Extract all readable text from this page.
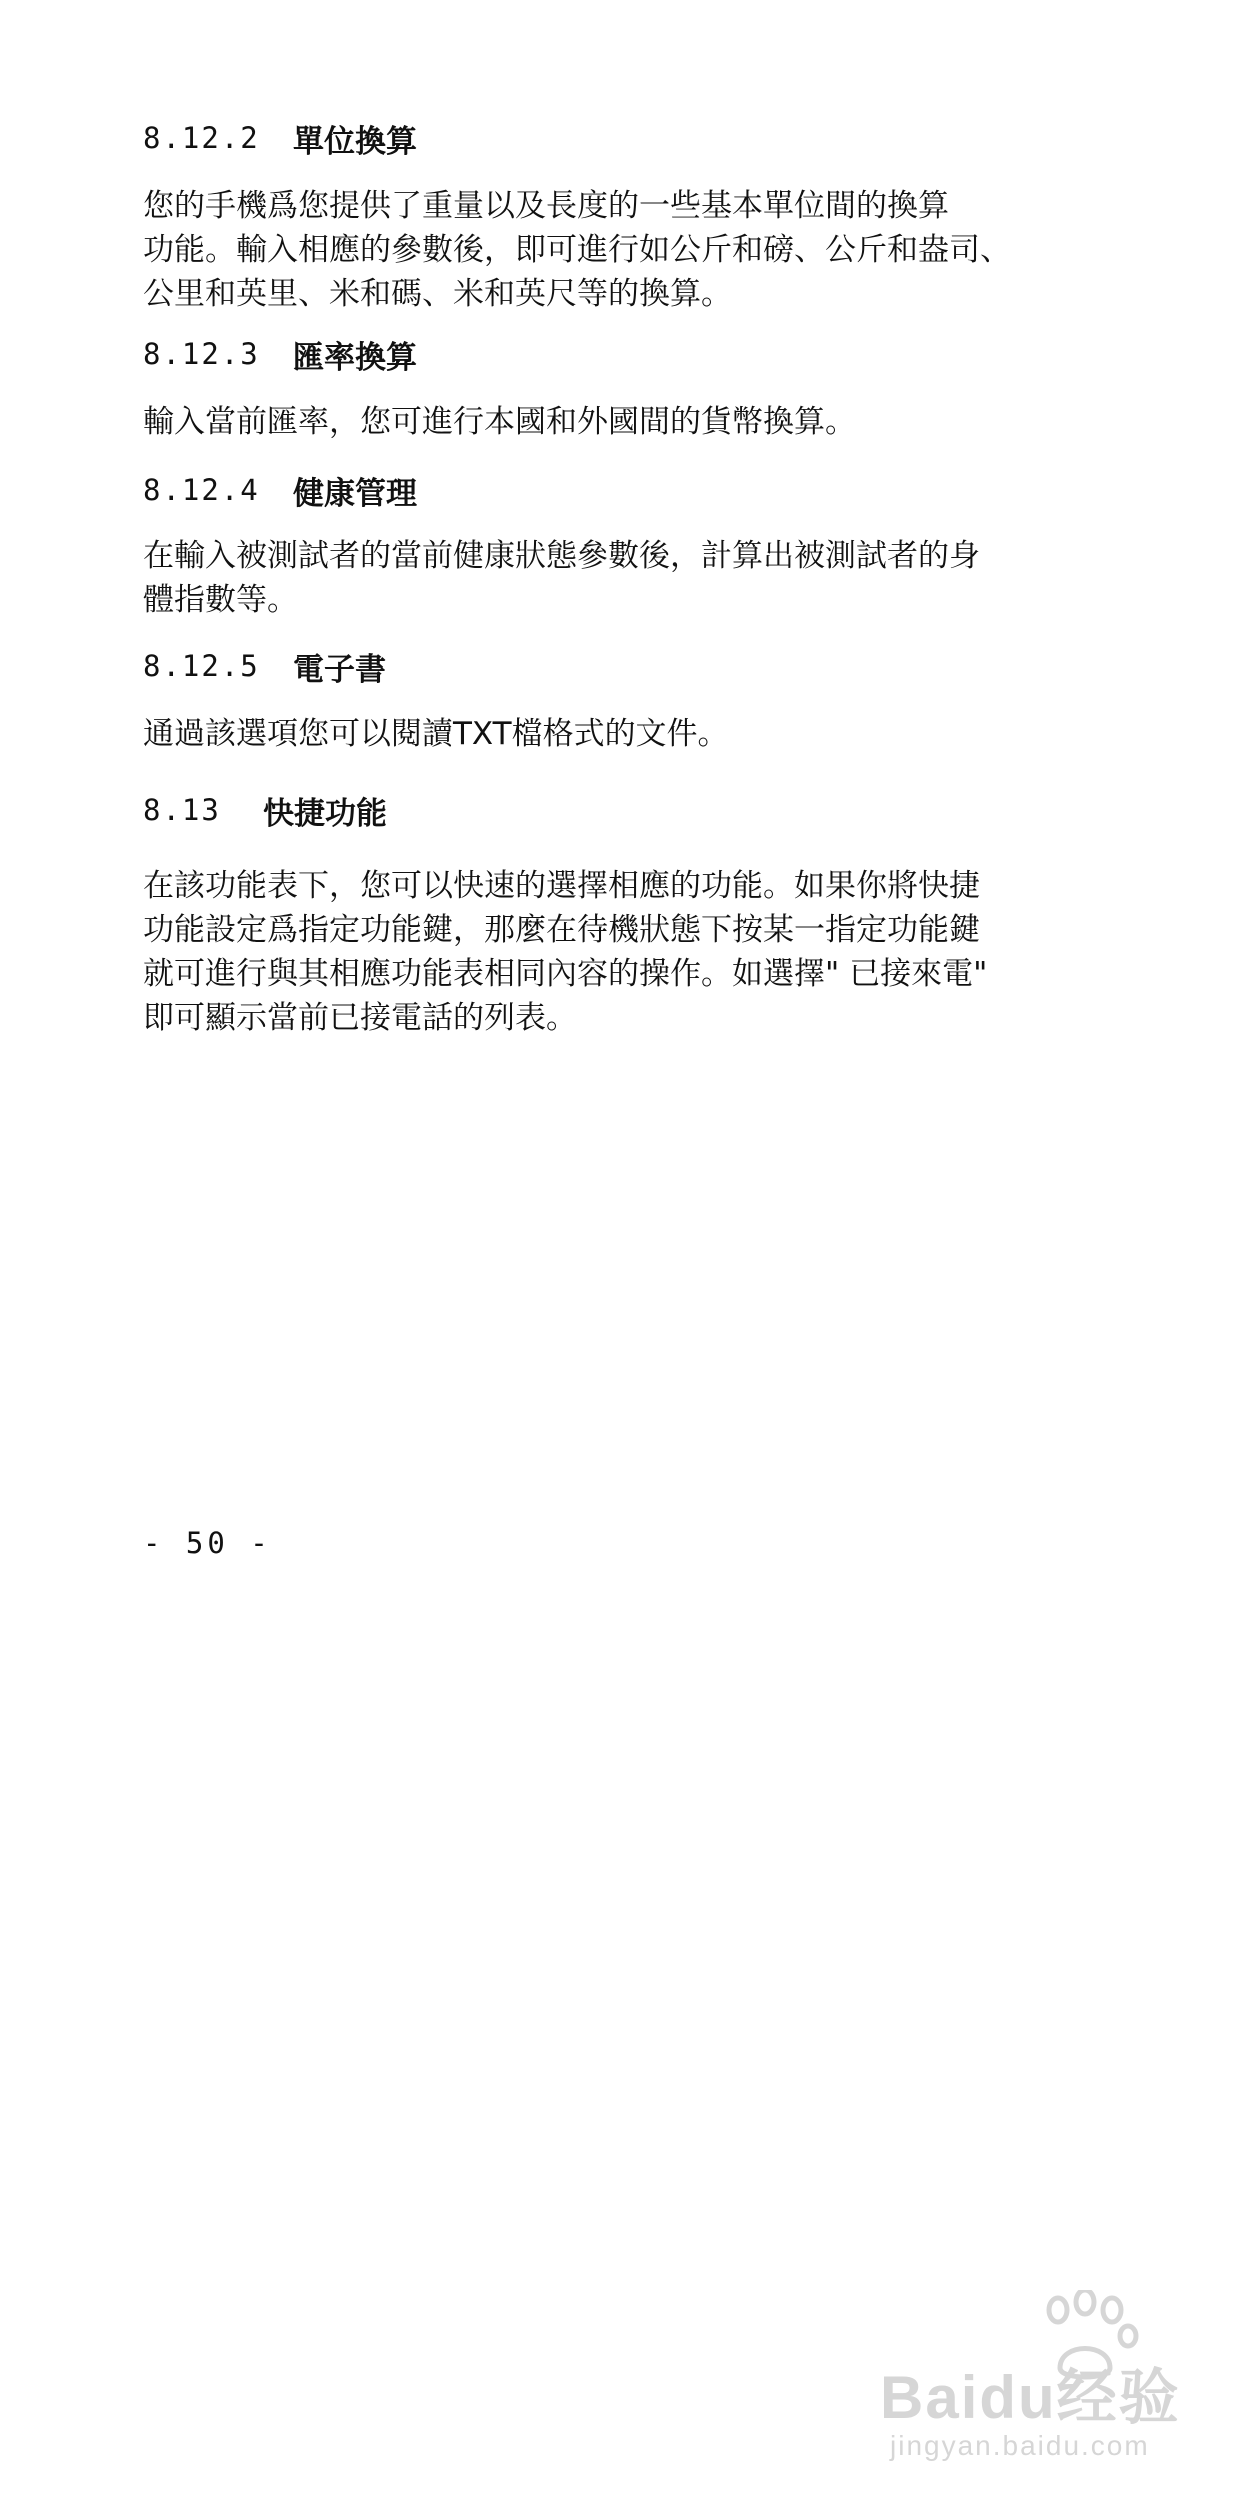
8.12.2	單位換算
您的手機爲您提供了重量以及長度的一些基本單位間的換算
功能。輸入相應的參數後，即可進行如公斤和磅、公斤和盎司、
公里和英里、米和碼、米和英尺等的換算。
8.12.3	匯率換算
輸入當前匯率，您可進行本國和外國間的貨幣換算。
8.12.4	健康管理
在輸入被測試者的當前健康狀態參數後，計算出被測試者的身
體指數等。
8.12.5	電子書
通過該選項您可以閱讀TXT檔格式的文件。
8.13	快捷功能
在該功能表下，您可以快速的選擇相應的功能。如果你將快捷
功能設定爲指定功能鍵，那麼在待機狀態下按某一指定功能鍵
就可進行與其相應功能表相同內容的操作。如選擇" 已接來電"
即可顯示當前已接電話的列表。
- 50 -
Baidu经验
jingyan.baidu.com
